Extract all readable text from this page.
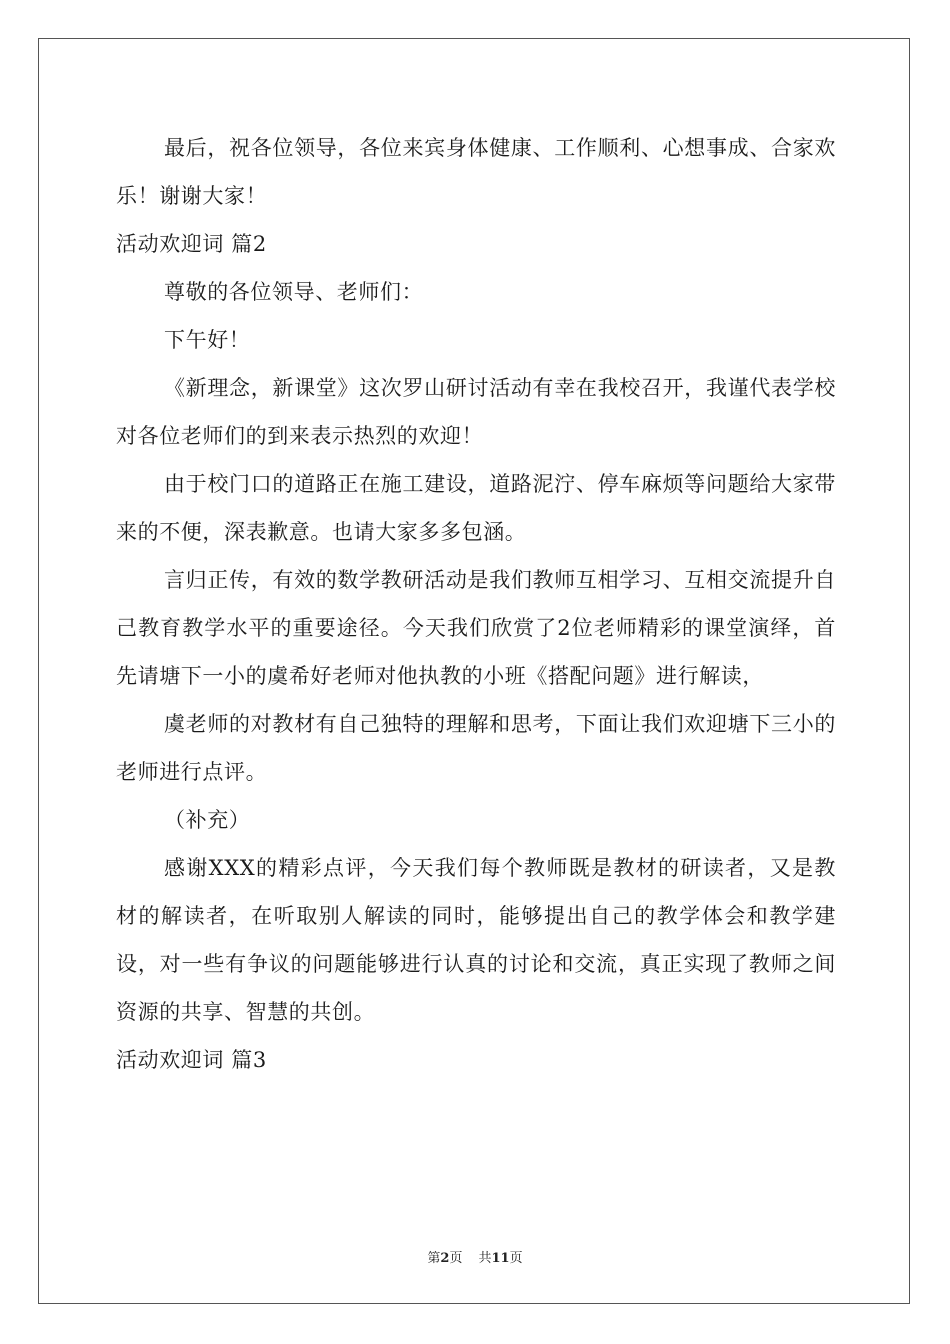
最后，祝各位领导，各位来宾身体健康、工作顺利、心想事成、合家欢乐！谢谢大家！

活动欢迎词 篇2

尊敬的各位领导、老师们：

下午好！

《新理念，新课堂》这次罗山研讨活动有幸在我校召开，我谨代表学校对各位老师们的到来表示热烈的欢迎！

由于校门口的道路正在施工建设，道路泥泞、停车麻烦等问题给大家带来的不便，深表歉意。也请大家多多包涵。

言归正传，有效的数学教研活动是我们教师互相学习、互相交流提升自己教育教学水平的重要途径。今天我们欣赏了2位老师精彩的课堂演绎，首先请塘下一小的虞希好老师对他执教的小班《搭配问题》进行解读，

虞老师的对教材有自己独特的理解和思考，下面让我们欢迎塘下三小的老师进行点评。

（补充）

感谢XXX的精彩点评，今天我们每个教师既是教材的研读者，又是教材的解读者，在听取别人解读的同时，能够提出自己的教学体会和教学建设，对一些有争议的问题能够进行认真的讨论和交流，真正实现了教师之间资源的共享、智慧的共创。

活动欢迎词 篇3

第2页 共11页
